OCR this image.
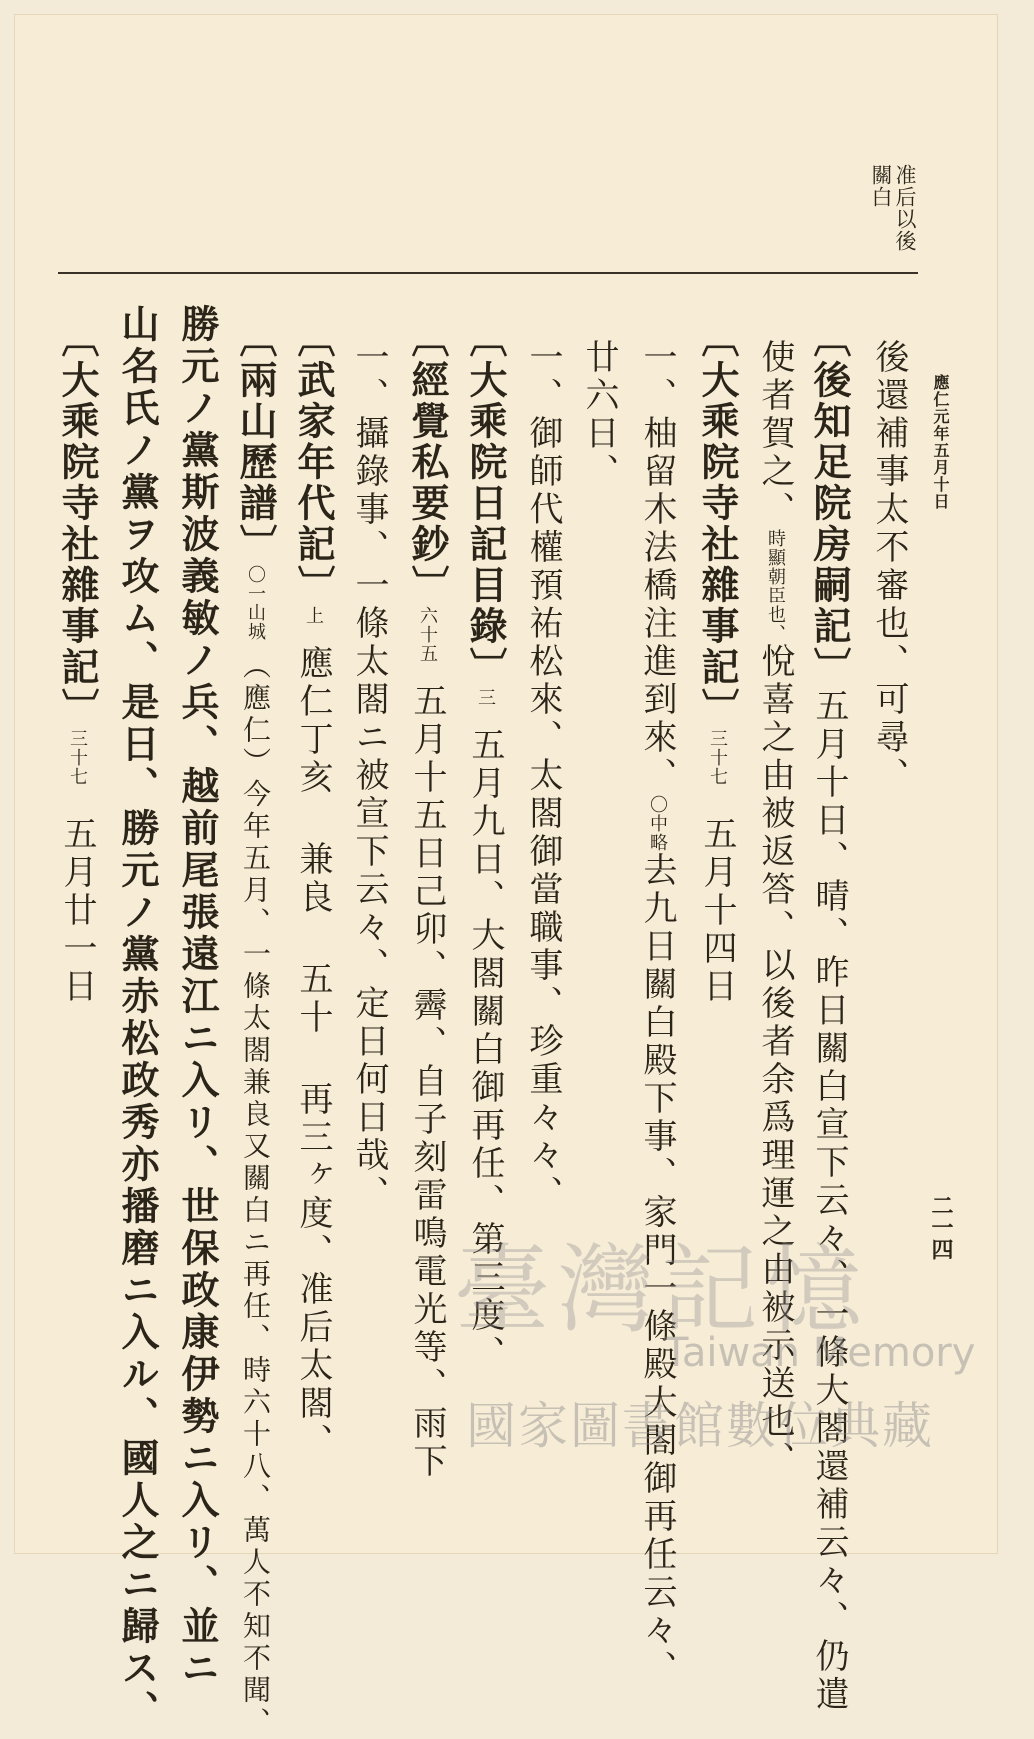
准后以後
關白
應仁元年五月十日
二一四
後還補事太不審也、可尋、
〔後知足院房嗣記〕五月十日、晴、昨日關白宣下云々、一條大閤還補云々、仍遣
使者賀之、時顯朝臣也、悅喜之由被返答、以後者余爲理運之由被示送也、
〔大乘院寺社雜事記〕三十七五月十四日
一、柚留木法橋注進到來、〇中略去九日關白殿下事、家門一條殿大閤御再任云々、
廿六日、
一、御師代權預祐松來、太閤御當職事、珍重々々、
〔大乘院日記目錄〕三五月九日、大閤關白御再任、第三度、
〔經覺私要鈔〕六十五五月十五日己卯、霽、自子刻雷鳴電光等、雨下
一、攝錄事、一條太閤ニ被宣下云々、定日何日哉、
〔武家年代記〕上應仁丁亥 兼良 五十 再三ヶ度、准后太閤、
〔兩山歷譜〕〇一山城（應仁）今年五月、一條太閤兼良又關白ニ再任、時六十八、萬人不知不聞、
勝元ノ黨斯波義敏ノ兵、越前尾張遠江ニ入リ、世保政康伊勢ニ入リ、並ニ
山名氏ノ黨ヲ攻ム、是日、勝元ノ黨赤松政秀亦播磨ニ入ル、國人之ニ歸ス、
〔大乘院寺社雜事記〕三十七五月廿一日
臺灣記憶
Taiwan Memory
國家圖書館數位典藏
